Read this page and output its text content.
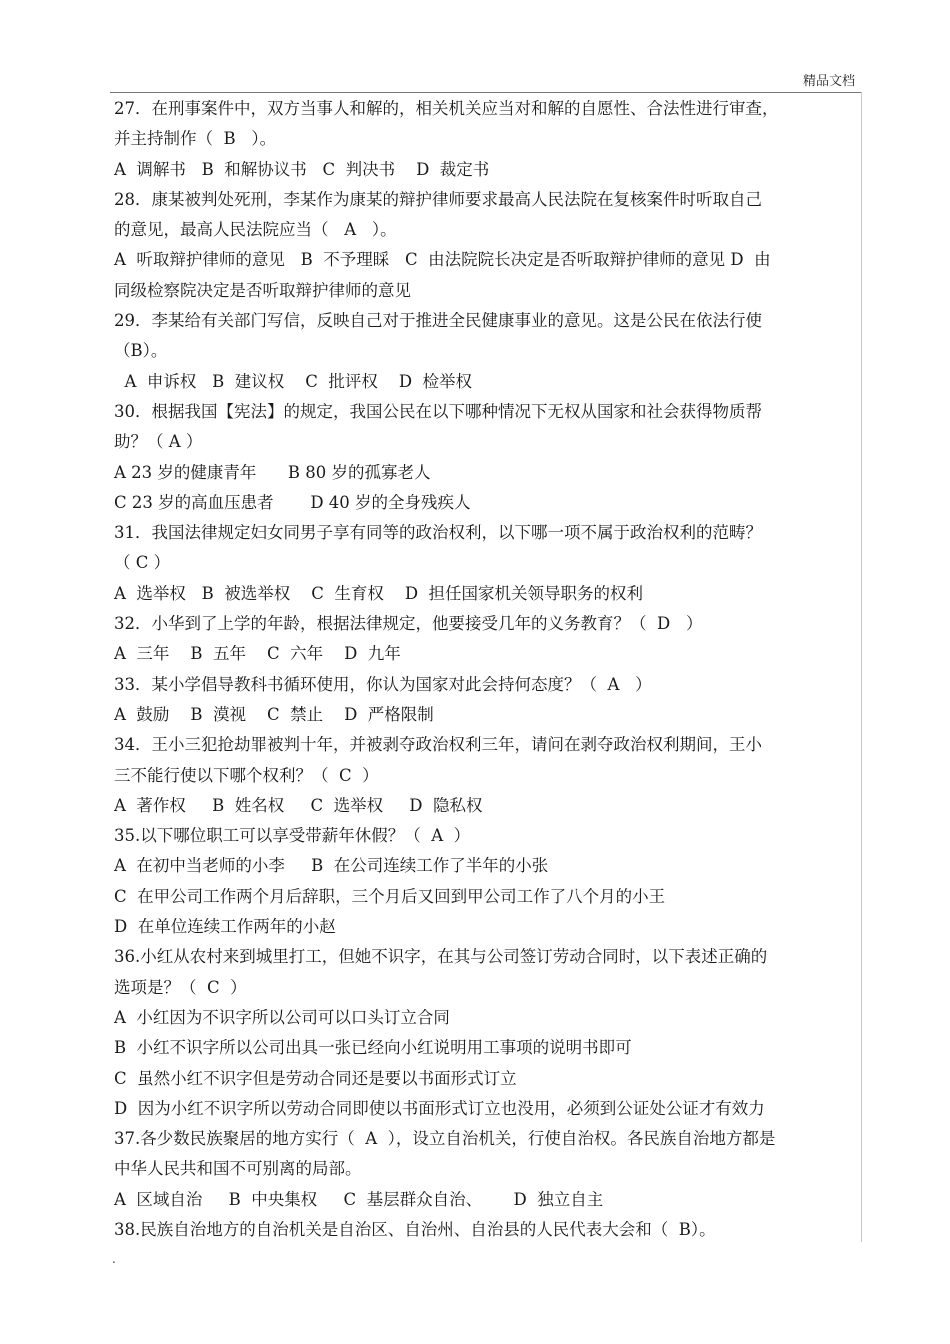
精品文档
27．在刑事案件中，双方当事人和解的，相关机关应当对和解的自愿性、合法性进行审查，
并主持制作（  B   ）。
A  调解书   B  和解协议书   C  判决书    D  裁定书
28．康某被判处死刑，李某作为康某的辩护律师要求最高人民法院在复核案件时听取自己
的意见，最高人民法院应当（   A   ）。
A  听取辩护律师的意见   B  不予理睬   C  由法院院长决定是否听取辩护律师的意见 D  由
同级检察院决定是否听取辩护律师的意见
29．李某给有关部门写信，反映自己对于推进全民健康事业的意见。这是公民在依法行使
（B）。
A  申诉权   B  建议权    C  批评权    D  检举权
30．根据我国【宪法】的规定，我国公民在以下哪种情况下无权从国家和社会获得物质帮
助？（ A ）
A 23 岁的健康青年      B 80 岁的孤寡老人
C 23 岁的高血压患者       D 40 岁的全身残疾人
31．我国法律规定妇女同男子享有同等的政治权利，以下哪一项不属于政治权利的范畴？
（ C ）
A  选举权   B  被选举权    C  生育权    D  担任国家机关领导职务的权利
32．小华到了上学的年龄，根据法律规定，他要接受几年的义务教育？（  D   ）
A  三年    B  五年    C  六年    D  九年
33．某小学倡导教科书循环使用，你认为国家对此会持何态度？（  A   ）
A  鼓励    B  漠视    C  禁止    D  严格限制
34．王小三犯抢劫罪被判十年，并被剥夺政治权利三年，请问在剥夺政治权利期间，王小
三不能行使以下哪个权利？（  C  ）
A  著作权     B  姓名权     C  选举权     D  隐私权
35.以下哪位职工可以享受带薪年休假？（  A  ）
A  在初中当老师的小李     B  在公司连续工作了半年的小张
C  在甲公司工作两个月后辞职，三个月后又回到甲公司工作了八个月的小王
D  在单位连续工作两年的小赵
36.小红从农村来到城里打工，但她不识字，在其与公司签订劳动合同时，以下表述正确的
选项是？（  C  ）
A  小红因为不识字所以公司可以口头订立合同
B  小红不识字所以公司出具一张已经向小红说明用工事项的说明书即可
C  虽然小红不识字但是劳动合同还是要以书面形式订立
D  因为小红不识字所以劳动合同即使以书面形式订立也没用，必须到公证处公证才有效力
37.各少数民族聚居的地方实行（  A  ），设立自治机关，行使自治权。各民族自治地方都是
中华人民共和国不可别离的局部。
A  区域自治     B  中央集权     C  基层群众自治、      D  独立自主
38.民族自治地方的自治机关是自治区、自治州、自治县的人民代表大会和（  B）。
.
